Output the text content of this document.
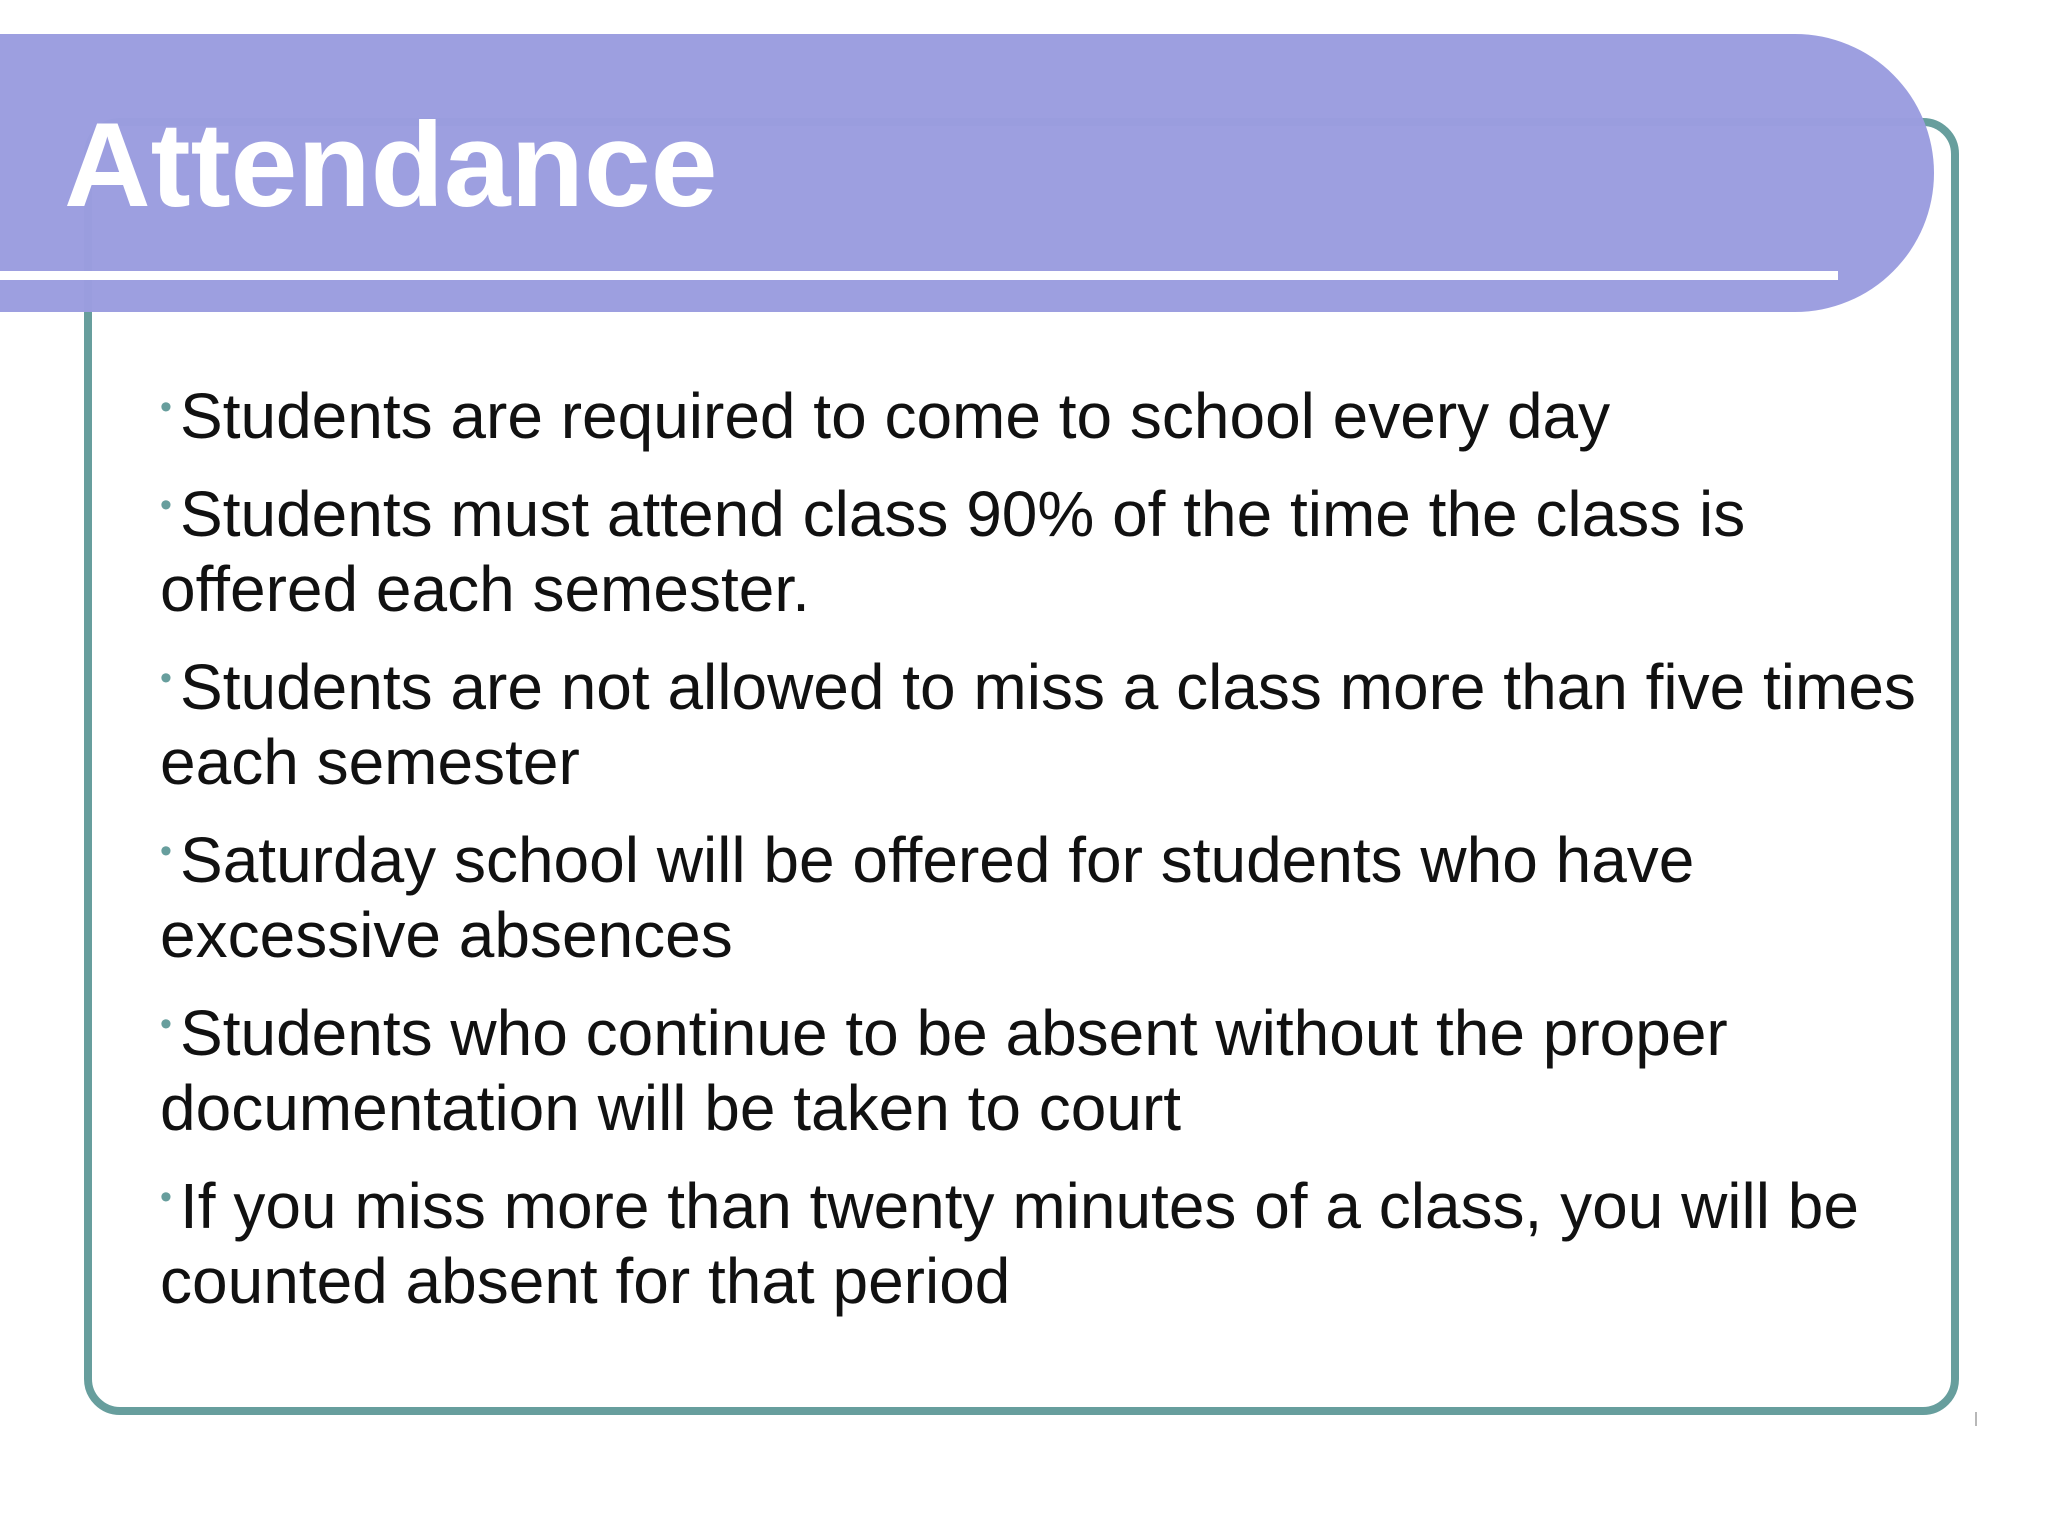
Attendance
• Students are required to come to school every day
• Students must attend class 90% of the time the class is offered each semester.
• Students are not allowed to miss a class more than five times each semester
• Saturday school will be offered for students who have excessive absences
• Students who continue to be absent without the proper documentation will be taken to court
• If you miss more than twenty minutes of a class, you will be counted absent for that period
